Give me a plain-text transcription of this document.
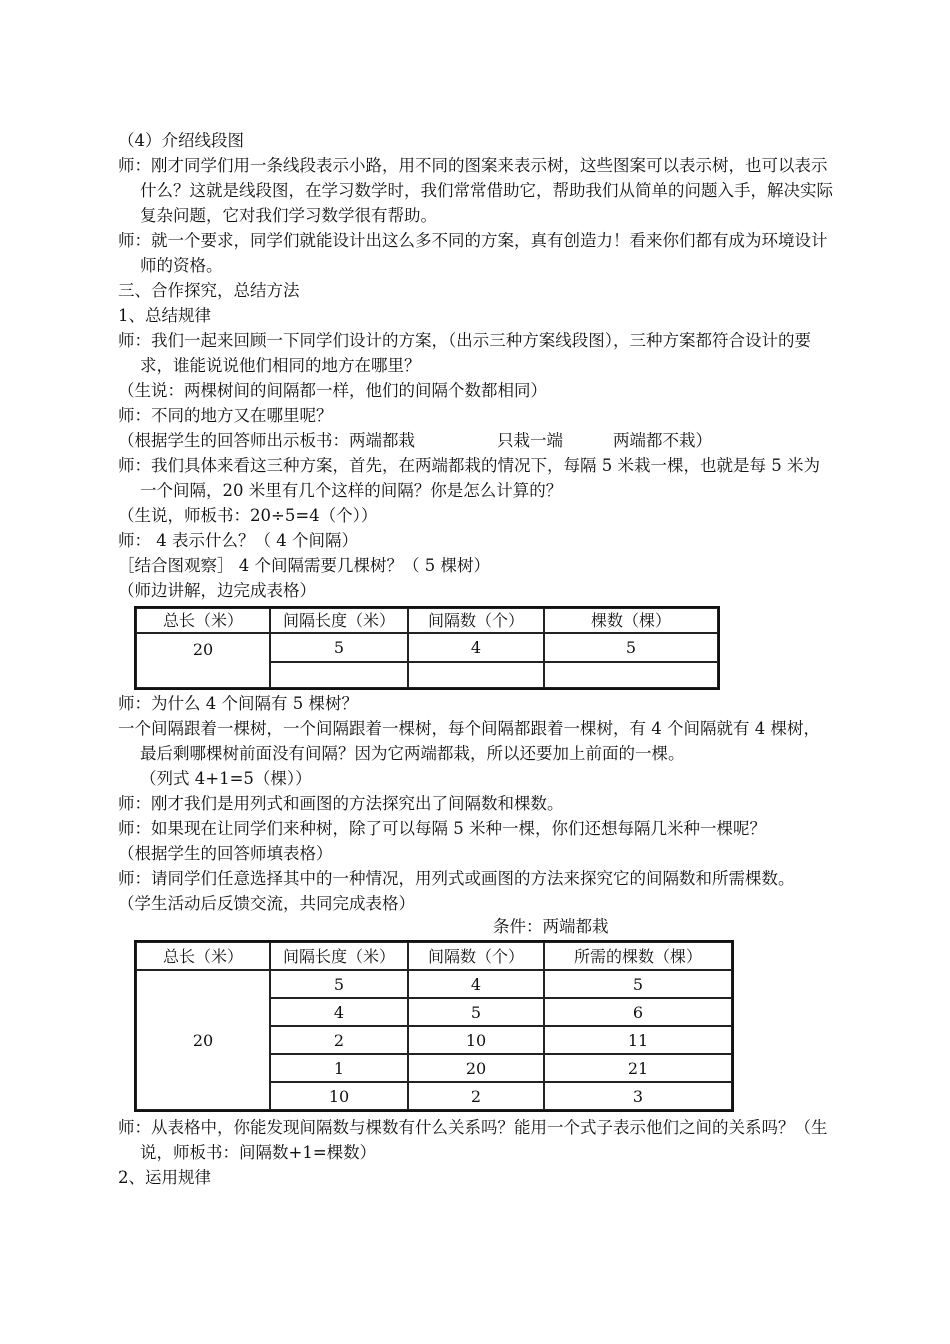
（4）介绍线段图

师：刚才同学们用一条线段表示小路，用不同的图案来表示树，这些图案可以表示树，也可以表示什么？这就是线段图，在学习数学时，我们常常借助它，帮助我们从简单的问题入手，解决实际复杂问题，它对我们学习数学很有帮助。

师：就一个要求，同学们就能设计出这么多不同的方案，真有创造力！看来你们都有成为环境设计师的资格。

三、合作探究，总结方法

1、总结规律

师：我们一起来回顾一下同学们设计的方案，（出示三种方案线段图），三种方案都符合设计的要求，谁能说说他们相同的地方在哪里？

（生说：两棵树间的间隔都一样，他们的间隔个数都相同）

师：不同的地方又在哪里呢？

（根据学生的回答师出示板书：两端都栽	只栽一端	两端都不栽）

师：我们具体来看这三种方案，首先，在两端都栽的情况下，每隔 5 米栽一棵，也就是每 5 米为一个间隔，20 米里有几个这样的间隔？你是怎么计算的？

（生说，师板书：20÷5=4（个））

师： 4 表示什么？（ 4 个间隔）

［结合图观察］ 4 个间隔需要几棵树？（ 5 棵树）

（师边讲解，边完成表格）

总长（米）	间隔长度（米）	间隔数（个）	棵数（棵）
20	5	4	5

师：为什么 4 个间隔有 5 棵树？

一个间隔跟着一棵树，一个间隔跟着一棵树，每个间隔都跟着一棵树，有 4 个间隔就有 4 棵树，最后剩哪棵树前面没有间隔？因为它两端都栽，所以还要加上前面的一棵。

（列式 4+1=5（棵））

师：刚才我们是用列式和画图的方法探究出了间隔数和棵数。

师：如果现在让同学们来种树，除了可以每隔 5 米种一棵，你们还想每隔几米种一棵呢？

（根据学生的回答师填表格）

师：请同学们任意选择其中的一种情况，用列式或画图的方法来探究它的间隔数和所需棵数。

（学生活动后反馈交流，共同完成表格）

条件：两端都栽

总长（米）	间隔长度（米）	间隔数（个）	所需的棵数（棵）
20	5	4	5
	4	5	6
	2	10	11
	1	20	21
	10	2	3

师：从表格中，你能发现间隔数与棵数有什么关系吗？能用一个式子表示他们之间的关系吗？（生说，师板书：间隔数+1=棵数）

2、运用规律
